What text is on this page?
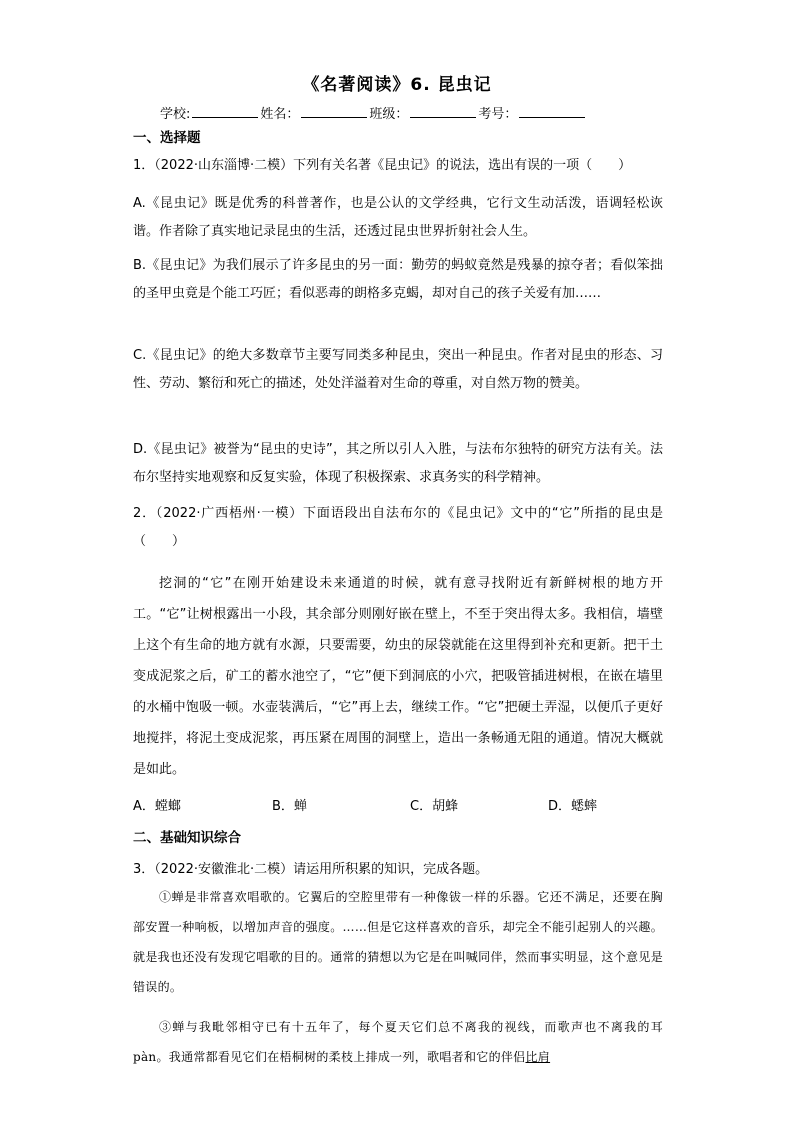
《名著阅读》6. 昆虫记
学校:	姓名：	班级：	考号：
一、选择题
1．（2022·山东淄博·二模）下列有关名著《昆虫记》的说法，选出有误的一项（　　）
A.《昆虫记》既是优秀的科普著作，也是公认的文学经典，它行文生动活泼，语调轻松诙谐。作者除了真实地记录昆虫的生活，还透过昆虫世界折射社会人生。
B.《昆虫记》为我们展示了许多昆虫的另一面：勤劳的蚂蚁竟然是残暴的掠夺者；看似笨拙的圣甲虫竟是个能工巧匠；看似恶毒的朗格多克蝎，却对自己的孩子关爱有加……
C.《昆虫记》的绝大多数章节主要写同类多种昆虫，突出一种昆虫。作者对昆虫的形态、习性、劳动、繁衍和死亡的描述，处处洋溢着对生命的尊重，对自然万物的赞美。
D.《昆虫记》被誉为“昆虫的史诗”，其之所以引人入胜，与法布尔独特的研究方法有关。法布尔坚持实地观察和反复实验，体现了积极探索、求真务实的科学精神。
2．（2022·广西梧州·一模）下面语段出自法布尔的《昆虫记》文中的“它”所指的昆虫是（　　）
挖洞的“它”在刚开始建设未来通道的时候，就有意寻找附近有新鲜树根的地方开工。“它”让树根露出一小段，其余部分则刚好嵌在壁上，不至于突出得太多。我相信，墙壁上这个有生命的地方就有水源，只要需要，幼虫的尿袋就能在这里得到补充和更新。把干土变成泥浆之后，矿工的蓄水池空了，“它”便下到洞底的小穴，把吸管插进树根，在嵌在墙里的水桶中饱吸一顿。水壶装满后，“它”再上去，继续工作。“它”把硬土弄湿，以便爪子更好地搅拌，将泥土变成泥浆，再压紧在周围的洞壁上，造出一条畅通无阻的通道。情况大概就是如此。
A．螳螂	B．蝉	C．胡蜂	D．蟋蟀
二、基础知识综合
3．（2022·安徽淮北·二模）请运用所积累的知识，完成各题。
①蝉是非常喜欢唱歌的。它翼后的空腔里带有一种像钹一样的乐器。它还不满足，还要在胸部安置一种响板，以增加声音的强度。……但是它这样喜欢的音乐，却完全不能引起别人的兴趣。就是我也还没有发现它唱歌的目的。通常的猜想以为它是在叫喊同伴，然而事实明显，这个意见是错误的。
③蝉与我毗邻相守已有十五年了，每个夏天它们总不离我的视线，而歌声也不离我的耳 pàn。我通常都看见它们在梧桐树的柔枝上排成一列，歌唱者和它的伴侣比肩
